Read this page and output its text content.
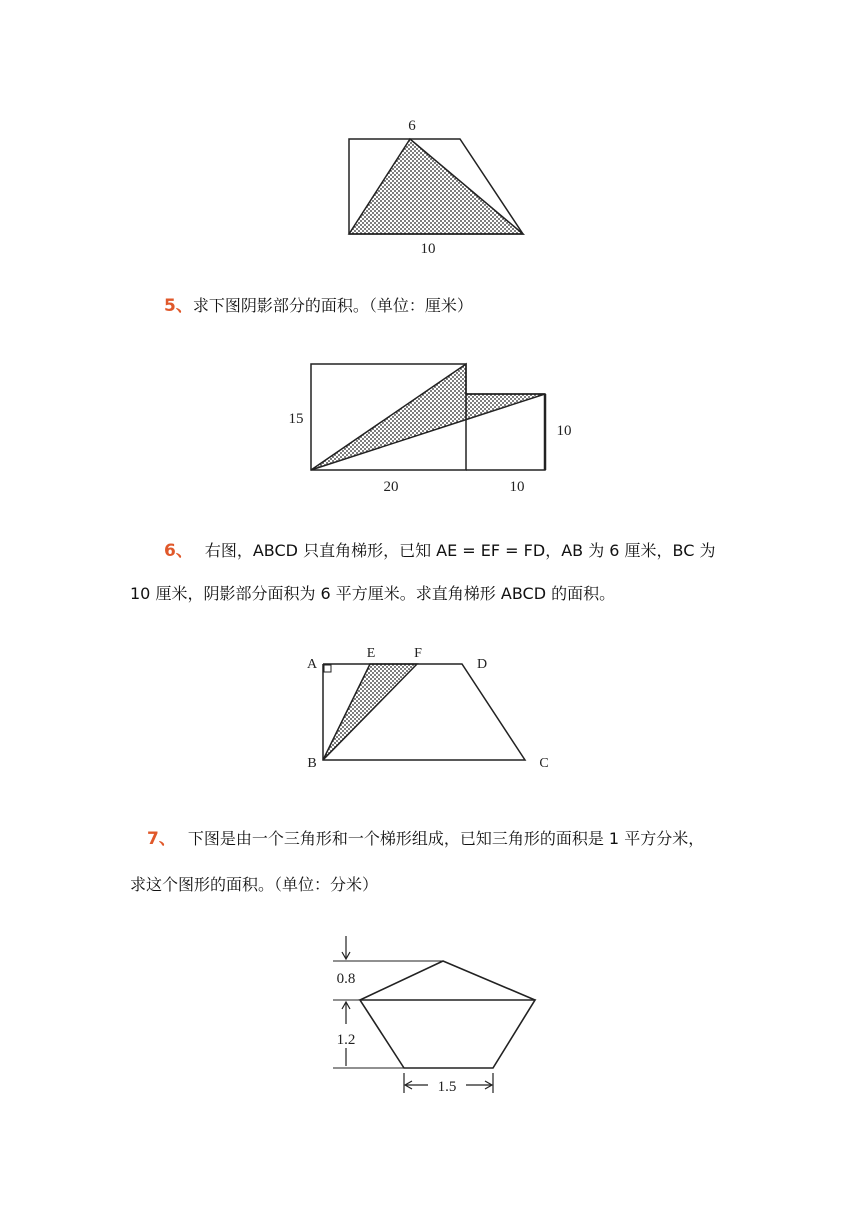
6
10
5、求下图阴影部分的面积。（单位：厘米）
15
10
20	10
6、 右图，ABCD 只直角梯形，已知 AE = EF = FD，AB 为 6 厘米，BC 为
10 厘米，阴影部分面积为 6 平方厘米。求直角梯形 ABCD 的面积。
A
E	F
D
B	C
7、 下图是由一个三角形和一个梯形组成，已知三角形的面积是 1 平方分米，
求这个图形的面积。（单位：分米）
0.8
1.2
1.5
